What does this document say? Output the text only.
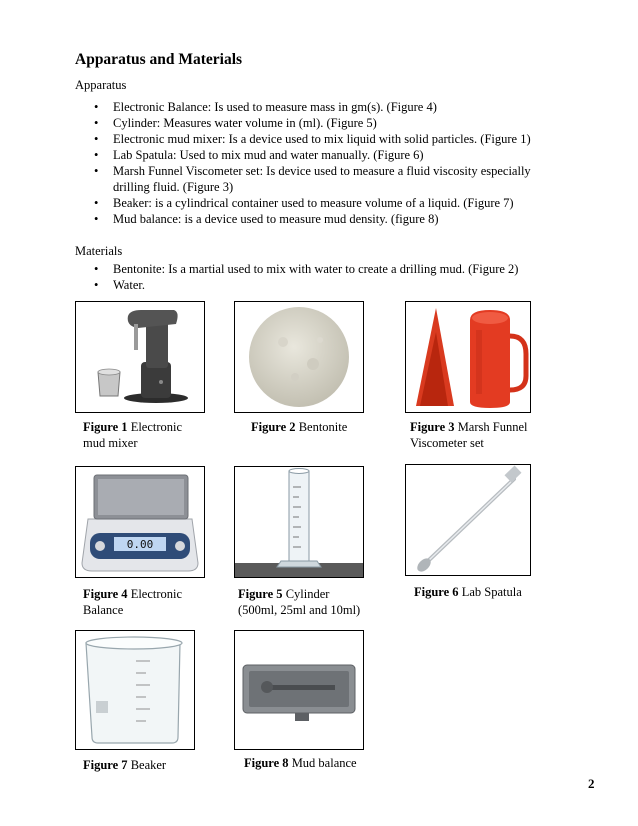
Apparatus and Materials
Apparatus
• Electronic Balance: Is used to measure mass in gm(s). (Figure 4)
• Cylinder: Measures water volume in (ml). (Figure 5)
• Electronic mud mixer: Is a device used to mix liquid with solid particles. (Figure 1)
• Lab Spatula: Used to mix mud and water manually. (Figure 6)
• Marsh Funnel Viscometer set: Is device used to measure a fluid viscosity especially drilling fluid. (Figure 3)
• Beaker: is a cylindrical container used to measure volume of a liquid. (Figure 7)
• Mud balance: is a device used to measure mud density. (figure 8)
Materials
• Bentonite: Is a martial used to mix with water to create a drilling mud. (Figure 2)
• Water.
Figure 1 Electronic
mud mixer
Figure 2 Bentonite	Figure 3 Marsh Funnel
Viscometer set
0.00
Figure 4 Electronic
Balance
Figure 5 Cylinder
(500ml, 25ml and 10ml)
Figure 6 Lab Spatula
Figure 7 Beaker	Figure 8 Mud balance
2
